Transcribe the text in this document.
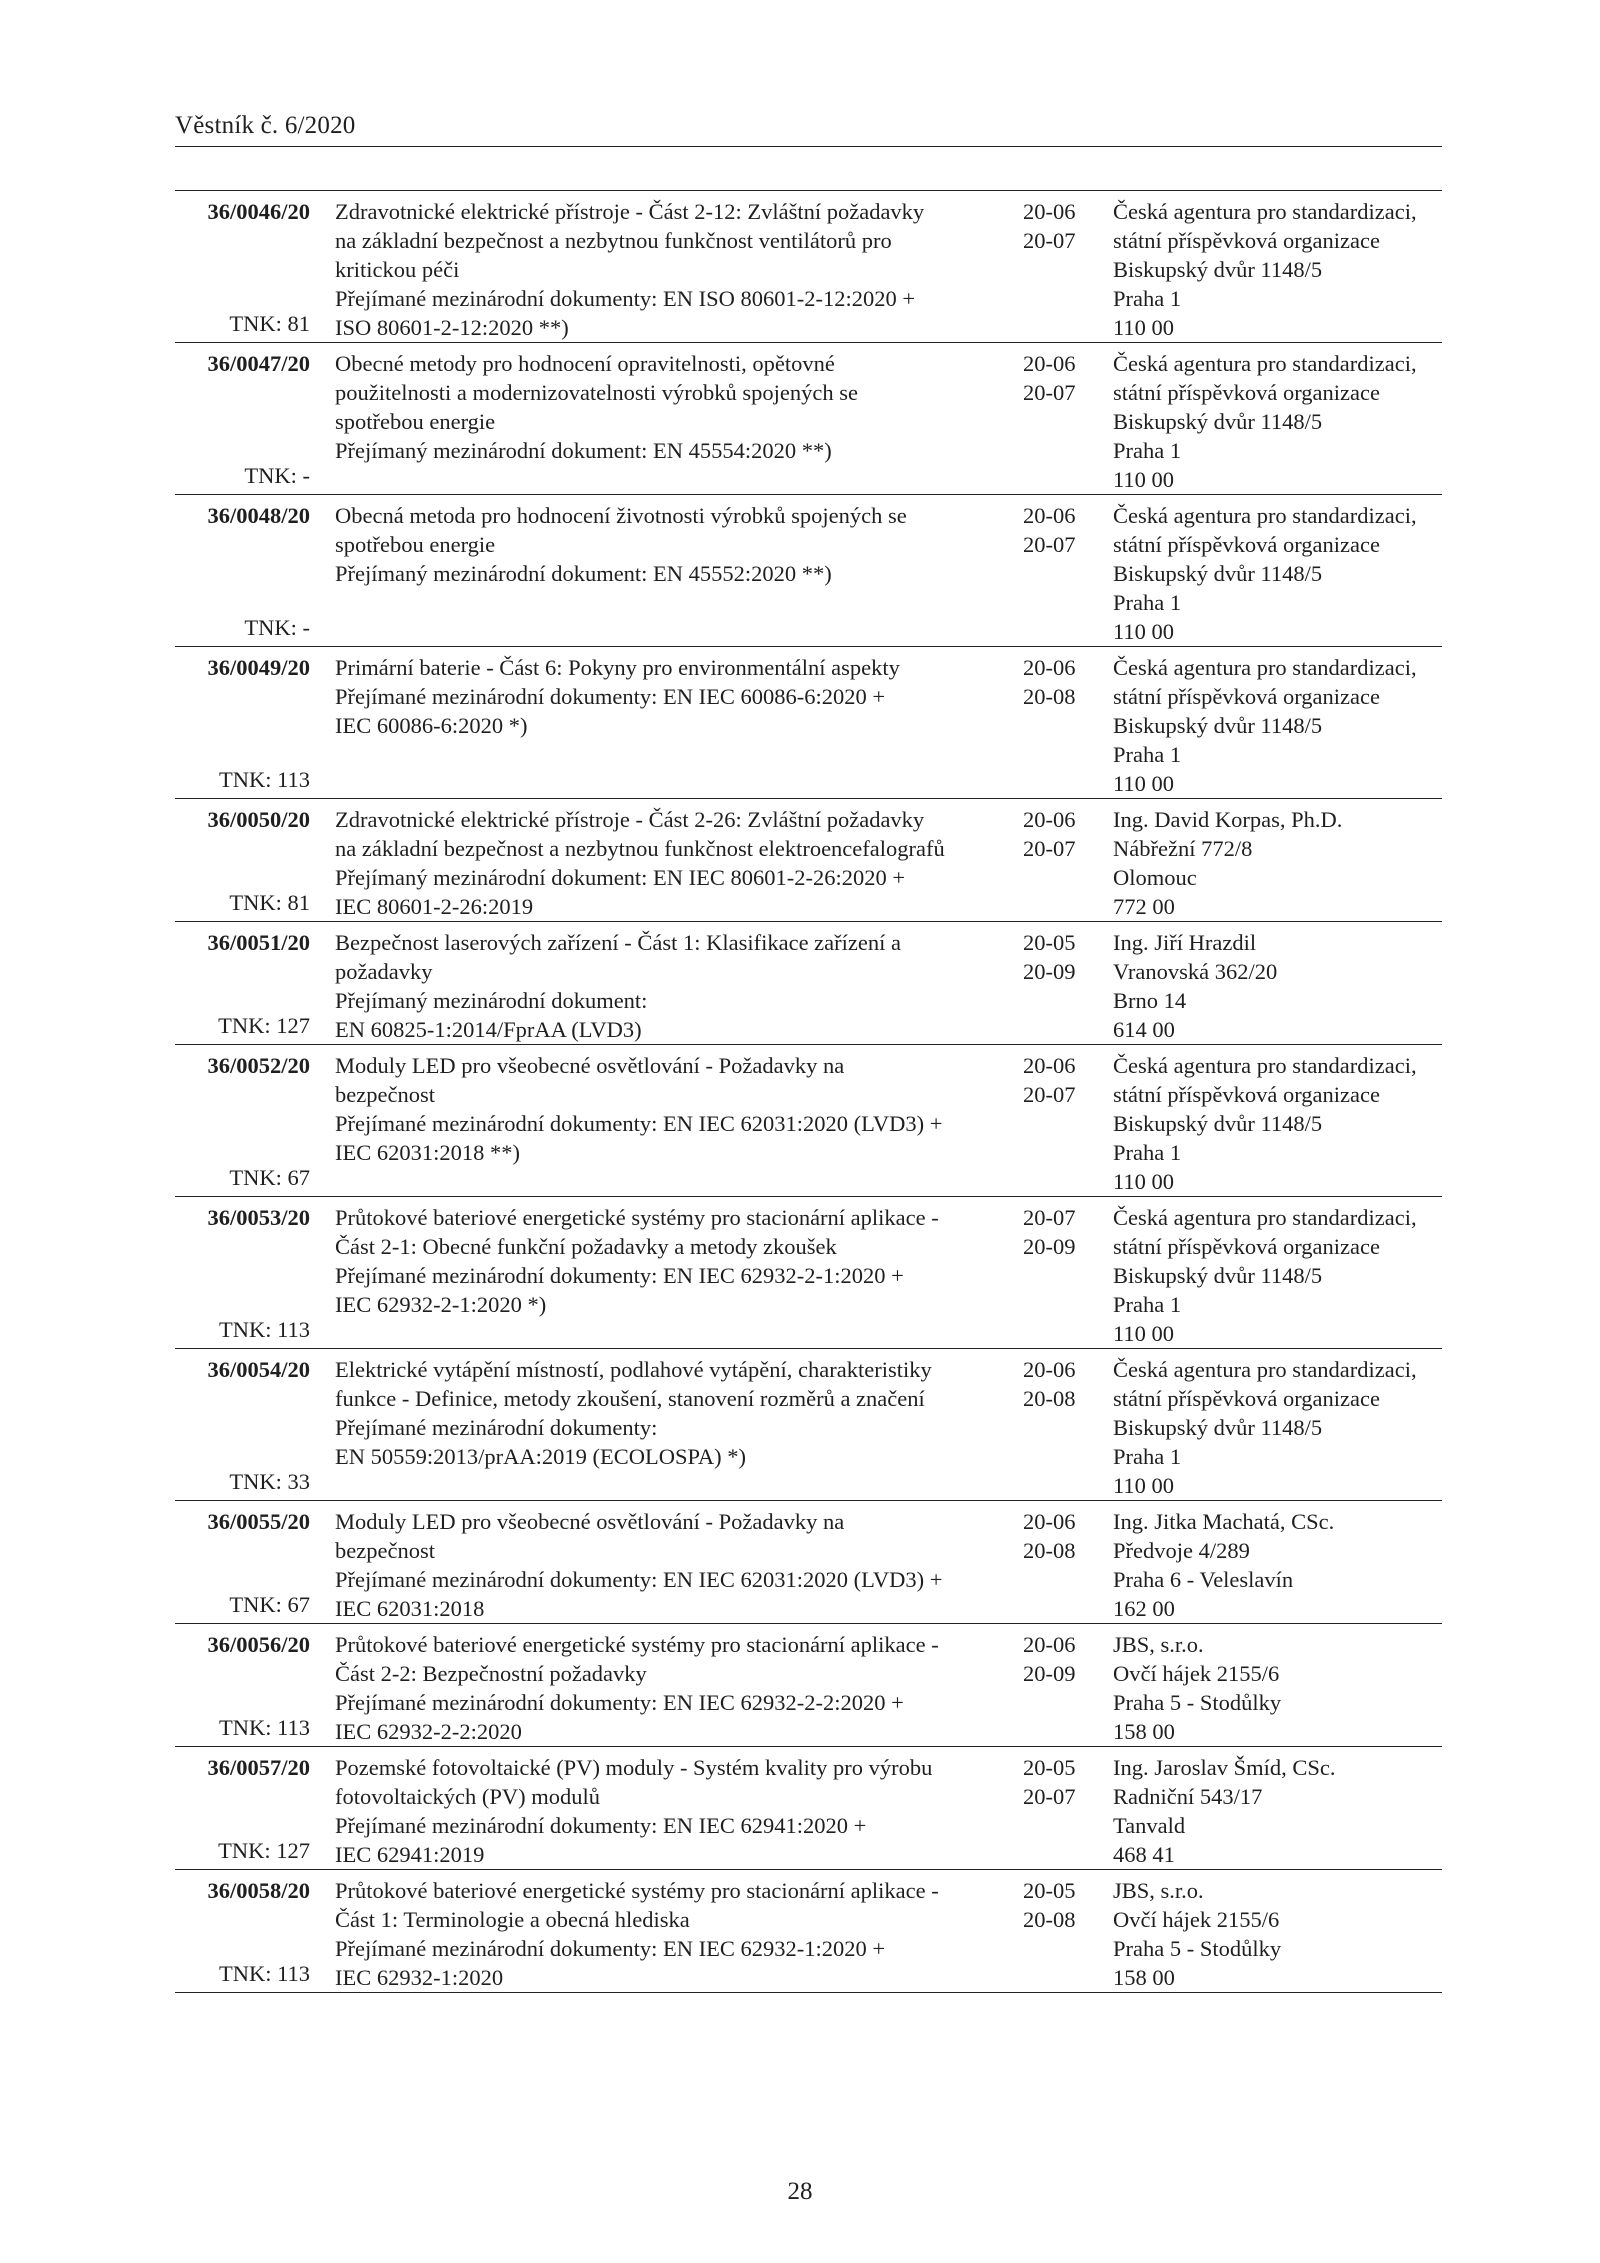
Věstník č. 6/2020
36/0046/20
TNK: 81
Zdravotnické elektrické přístroje - Část 2-12: Zvláštní požadavky
na základní bezpečnost a nezbytnou funkčnost ventilátorů pro
kritickou péči
Přejímané mezinárodní dokumenty: EN ISO 80601-2-12:2020 +
ISO 80601-2-12:2020 **)
20-06
20-07
Česká agentura pro standardizaci,
státní příspěvková organizace
Biskupský dvůr 1148/5
Praha 1
110 00
36/0047/20
TNK: -
Obecné metody pro hodnocení opravitelnosti, opětovné
použitelnosti a modernizovatelnosti výrobků spojených se
spotřebou energie
Přejímaný mezinárodní dokument: EN 45554:2020 **)
20-06
20-07
Česká agentura pro standardizaci,
státní příspěvková organizace
Biskupský dvůr 1148/5
Praha 1
110 00
36/0048/20
TNK: -
Obecná metoda pro hodnocení životnosti výrobků spojených se
spotřebou energie
Přejímaný mezinárodní dokument: EN 45552:2020 **)
20-06
20-07
Česká agentura pro standardizaci,
státní příspěvková organizace
Biskupský dvůr 1148/5
Praha 1
110 00
36/0049/20
TNK: 113
Primární baterie - Část 6: Pokyny pro environmentální aspekty
Přejímané mezinárodní dokumenty: EN IEC 60086-6:2020 +
IEC 60086-6:2020 *)
20-06
20-08
Česká agentura pro standardizaci,
státní příspěvková organizace
Biskupský dvůr 1148/5
Praha 1
110 00
36/0050/20
TNK: 81
Zdravotnické elektrické přístroje - Část 2-26: Zvláštní požadavky
na základní bezpečnost a nezbytnou funkčnost elektroencefalografů
Přejímaný mezinárodní dokument: EN IEC 80601-2-26:2020 +
IEC 80601-2-26:2019
20-06
20-07
Ing. David Korpas, Ph.D.
Nábřežní 772/8
Olomouc
772 00
36/0051/20
TNK: 127
Bezpečnost laserových zařízení - Část 1: Klasifikace zařízení a
požadavky
Přejímaný mezinárodní dokument:
EN 60825-1:2014/FprAA (LVD3)
20-05
20-09
Ing. Jiří Hrazdil
Vranovská 362/20
Brno 14
614 00
36/0052/20
TNK: 67
Moduly LED pro všeobecné osvětlování - Požadavky na
bezpečnost
Přejímané mezinárodní dokumenty: EN IEC 62031:2020 (LVD3) +
IEC 62031:2018 **)
20-06
20-07
Česká agentura pro standardizaci,
státní příspěvková organizace
Biskupský dvůr 1148/5
Praha 1
110 00
36/0053/20
TNK: 113
Průtokové bateriové energetické systémy pro stacionární aplikace -
Část 2-1: Obecné funkční požadavky a metody zkoušek
Přejímané mezinárodní dokumenty: EN IEC 62932-2-1:2020 +
IEC 62932-2-1:2020 *)
20-07
20-09
Česká agentura pro standardizaci,
státní příspěvková organizace
Biskupský dvůr 1148/5
Praha 1
110 00
36/0054/20
TNK: 33
Elektrické vytápění místností, podlahové vytápění, charakteristiky
funkce - Definice, metody zkoušení, stanovení rozměrů a značení
Přejímané mezinárodní dokumenty:
EN 50559:2013/prAA:2019 (ECOLOSPA) *)
20-06
20-08
Česká agentura pro standardizaci,
státní příspěvková organizace
Biskupský dvůr 1148/5
Praha 1
110 00
36/0055/20
TNK: 67
Moduly LED pro všeobecné osvětlování - Požadavky na
bezpečnost
Přejímané mezinárodní dokumenty: EN IEC 62031:2020 (LVD3) +
IEC 62031:2018
20-06
20-08
Ing. Jitka Machatá, CSc.
Předvoje 4/289
Praha 6 - Veleslavín
162 00
36/0056/20
TNK: 113
Průtokové bateriové energetické systémy pro stacionární aplikace -
Část 2-2: Bezpečnostní požadavky
Přejímané mezinárodní dokumenty: EN IEC 62932-2-2:2020 +
IEC 62932-2-2:2020
20-06
20-09
JBS, s.r.o.
Ovčí hájek 2155/6
Praha 5 - Stodůlky
158 00
36/0057/20
TNK: 127
Pozemské fotovoltaické (PV) moduly - Systém kvality pro výrobu
fotovoltaických (PV) modulů
Přejímané mezinárodní dokumenty: EN IEC 62941:2020 +
IEC 62941:2019
20-05
20-07
Ing. Jaroslav Šmíd, CSc.
Radniční 543/17
Tanvald
468 41
36/0058/20
TNK: 113
Průtokové bateriové energetické systémy pro stacionární aplikace -
Část 1: Terminologie a obecná hlediska
Přejímané mezinárodní dokumenty: EN IEC 62932-1:2020 +
IEC 62932-1:2020
20-05
20-08
JBS, s.r.o.
Ovčí hájek 2155/6
Praha 5 - Stodůlky
158 00
28
